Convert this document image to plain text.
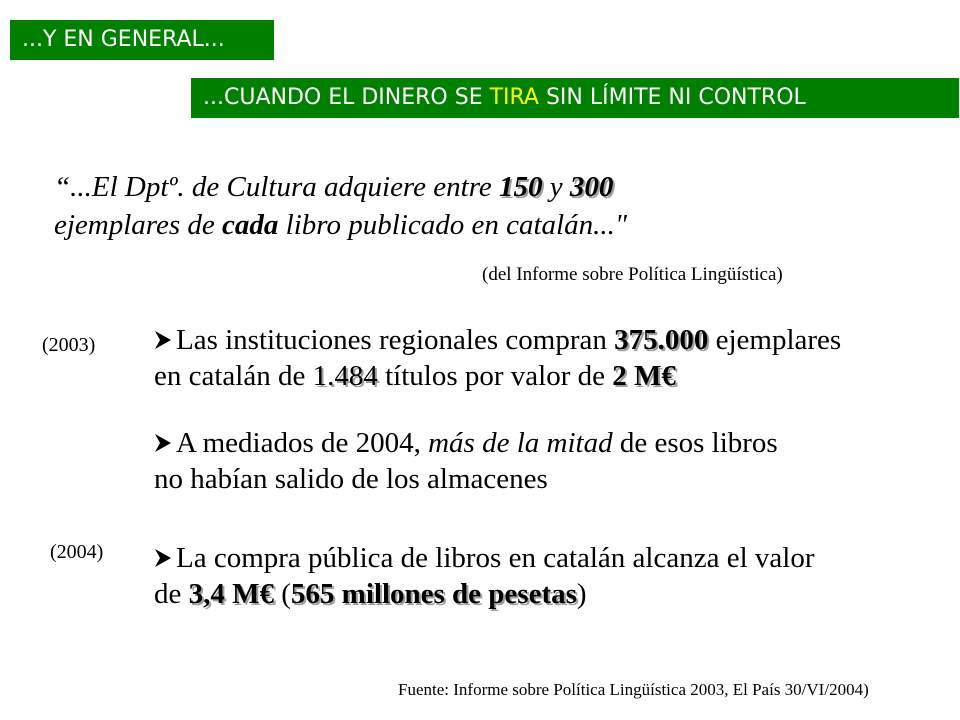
...Y EN GENERAL...
...CUANDO EL DINERO SE TIRA SIN LÍMITE NI CONTROL
“...El Dptº. de Cultura adquiere entre 150 y 300
ejemplares de cada libro publicado en catalán..."
(del Informe sobre Política Lingüística)
(2003)
(2004)
Las instituciones regionales compran 375.000 ejemplares
en catalán de 1.484 títulos por valor de 2 M€
A mediados de 2004, más de la mitad de esos libros
no habían salido de los almacenes
La compra pública de libros en catalán alcanza el valor
de 3,4 M€ (565 millones de pesetas)
Fuente: Informe sobre Política Lingüística 2003, El País 30/VI/2004)
